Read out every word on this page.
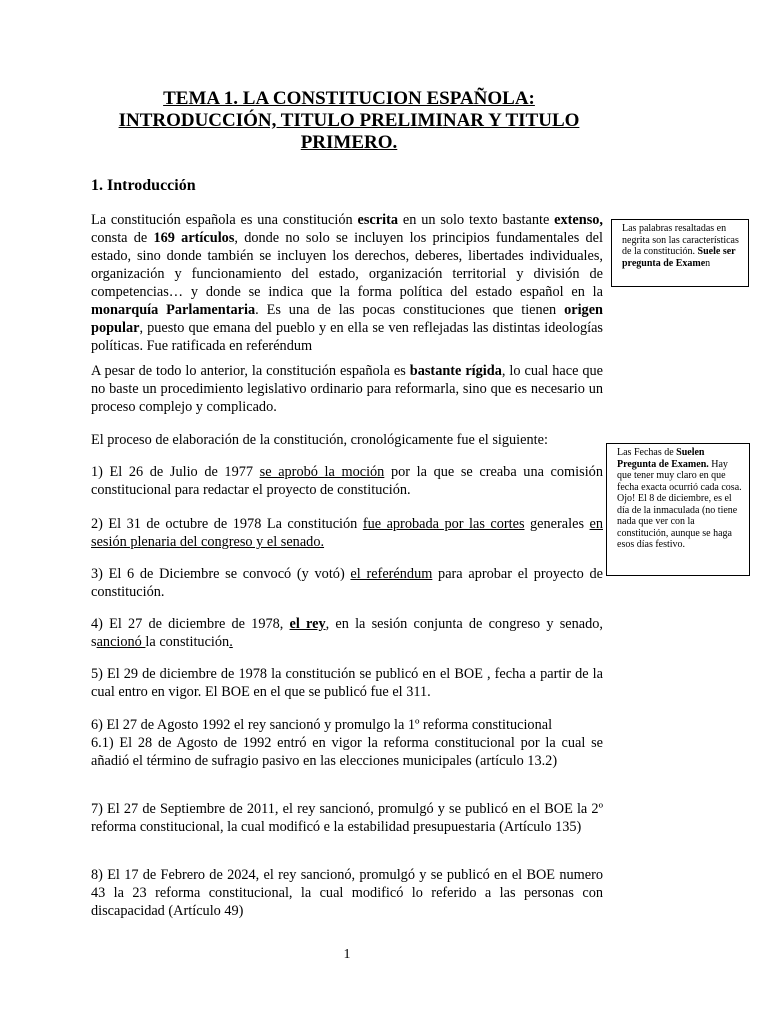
TEMA 1. LA CONSTITUCION ESPAÑOLA:
INTRODUCCIÓN, TITULO PRELIMINAR Y TITULO
PRIMERO.
1. Introducción

La constitución española es una constitución escrita en un solo texto bastante extenso, consta de 169 artículos, donde no solo se incluyen los principios fundamentales del estado, sino donde también se incluyen los derechos, deberes, libertades individuales, organización y funcionamiento del estado, organización territorial y división de competencias… y donde se indica que la forma política del estado español en la monarquía Parlamentaria. Es una de las pocas constituciones que tienen origen popular, puesto que emana del pueblo y en ella se ven reflejadas las distintas ideologías políticas. Fue ratificada en referéndum

A pesar de todo lo anterior, la constitución española es bastante rígida, lo cual hace que no baste un procedimiento legislativo ordinario para reformarla, sino que es necesario un proceso complejo y complicado.

El proceso de elaboración de la constitución, cronológicamente fue el siguiente:

1) El 26 de Julio de 1977 se aprobó la moción por la que se creaba una comisión constitucional para redactar el proyecto de constitución.

2) El 31 de octubre de 1978 La constitución fue aprobada por las cortes generales en sesión plenaria del congreso y el senado.

3) El 6 de Diciembre se convocó (y votó) el referéndum para aprobar el proyecto de constitución.

4) El 27 de diciembre de 1978, el rey, en la sesión conjunta de congreso y senado, sancionó la constitución.

5) El 29 de diciembre de 1978 la constitución se publicó en el BOE , fecha a partir de la cual entro en vigor. El BOE en el que se publicó fue el 311.

6) El 27 de Agosto 1992 el rey sancionó y promulgo la 1º reforma constitucional
6.1) El 28 de Agosto de 1992 entró en vigor la reforma constitucional por la cual se añadió el término de sufragio pasivo en las elecciones municipales (artículo 13.2)

7) El 27 de Septiembre de 2011, el rey sancionó, promulgó y se publicó en el BOE la 2º reforma constitucional, la cual modificó e la estabilidad presupuestaria (Artículo 135)

8) El 17 de Febrero de 2024, el rey sancionó, promulgó y se publicó en el BOE numero 43 la 23 reforma constitucional, la cual modificó lo referido a las personas con discapacidad (Artículo 49)

Las palabras resaltadas en negrita son las características de la constitución. Suele ser pregunta de Examen
Las Fechas de Suelen Pregunta de Examen. Hay que tener muy claro en que fecha exacta ocurrió cada cosa.
Ojo! El 8 de diciembre, es el día de la inmaculada (no tiene nada que ver con la constitución, aunque se haga esos días festivo.
1
